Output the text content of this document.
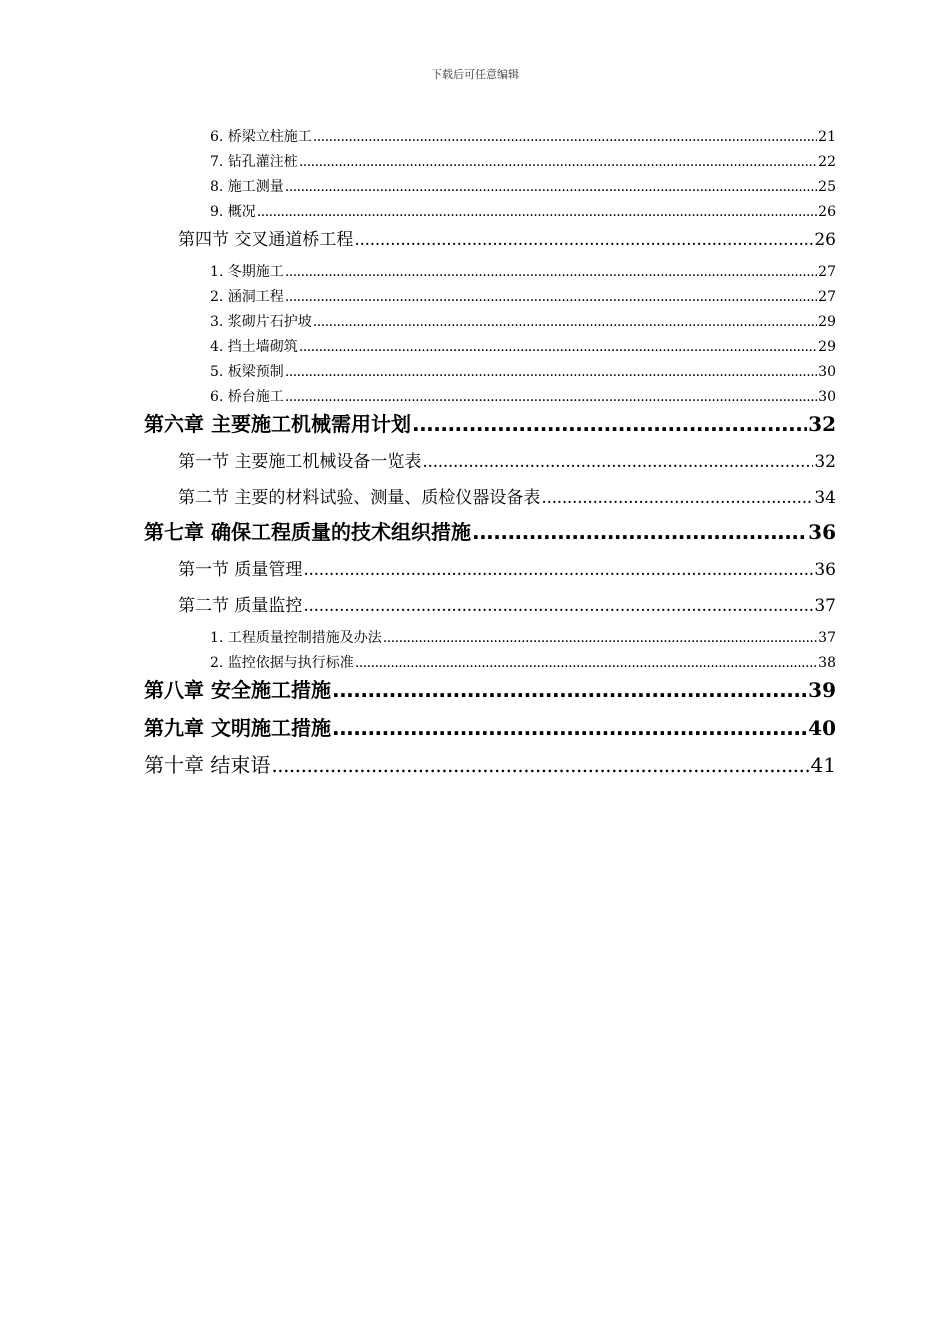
下载后可任意编辑
6. 桥梁立柱施工 .....	21
7. 钻孔灌注桩 .....	22
8. 施工测量 .....	25
9. 概况 .....	26
第四节 交叉通道桥工程 .....	26
1. 冬期施工 .....	27
2. 涵洞工程 .....	27
3. 浆砌片石护坡 .....	29
4. 挡土墙砌筑 .....	29
5. 板梁预制 .....	30
6. 桥台施工 .....	30
第六章 主要施工机械需用计划 .....	32
第一节 主要施工机械设备一览表 .....	32
第二节 主要的材料试验、测量、质检仪器设备表 .....	34
第七章 确保工程质量的技术组织措施 .....	36
第一节 质量管理 .....	36
第二节 质量监控 .....	37
1. 工程质量控制措施及办法 .....	37
2. 监控依据与执行标准 .....	38
第八章 安全施工措施 .....	39
第九章 文明施工措施 .....	40
第十章 结束语 .....	41
